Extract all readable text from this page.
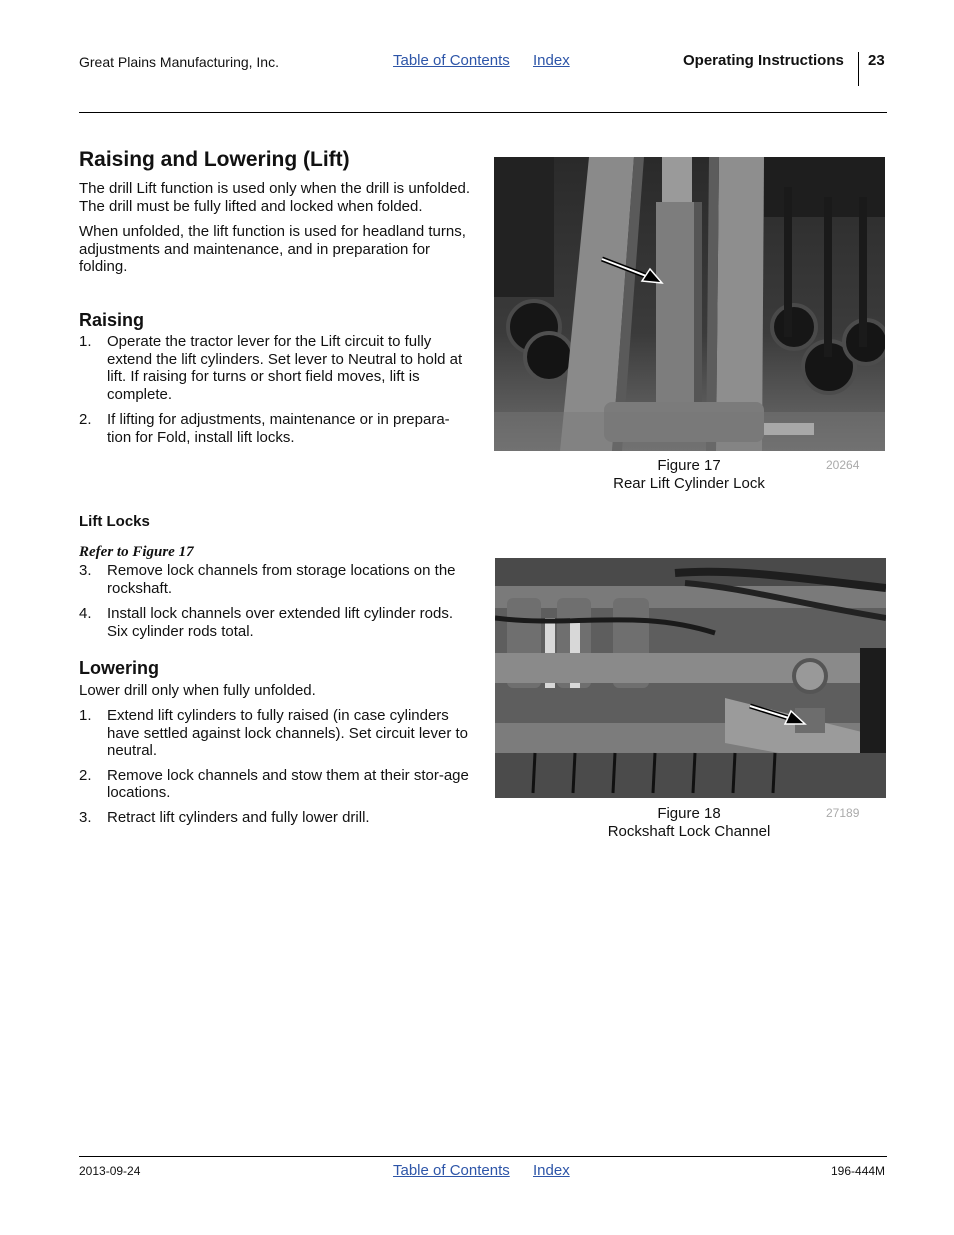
Great Plains Manufacturing, Inc.	Table of Contents Index	Operating Instructions 23
Raising and Lowering (Lift)

The drill Lift function is used only when the drill is unfolded. The drill must be fully lifted and locked when folded.

When unfolded, the lift function is used for headland turns, adjustments and maintenance, and in preparation for folding.

Raising
1.	Operate the tractor lever for the Lift circuit to fully extend the lift cylinders. Set lever to Neutral to hold at lift. If raising for turns or short field moves, lift is complete.
2.	If lifting for adjustments, maintenance or in prepara-tion for Fold, install lift locks.
Lift Locks
Refer to Figure 17
3.	Remove lock channels from storage locations on the rockshaft.
4.	Install lock channels over extended lift cylinder rods. Six cylinder rods total.
Lowering
Lower drill only when fully unfolded.
1.	Extend lift cylinders to fully raised (in case cylinders have settled against lock channels). Set circuit lever to neutral.
2.	Remove lock channels and stow them at their stor-age locations.
3.	Retract lift cylinders and fully lower drill.
Figure 17
Rear Lift Cylinder Lock
20264
Figure 18
Rockshaft Lock Channel
27189
2013-09-24	Table of Contents Index	196-444M
